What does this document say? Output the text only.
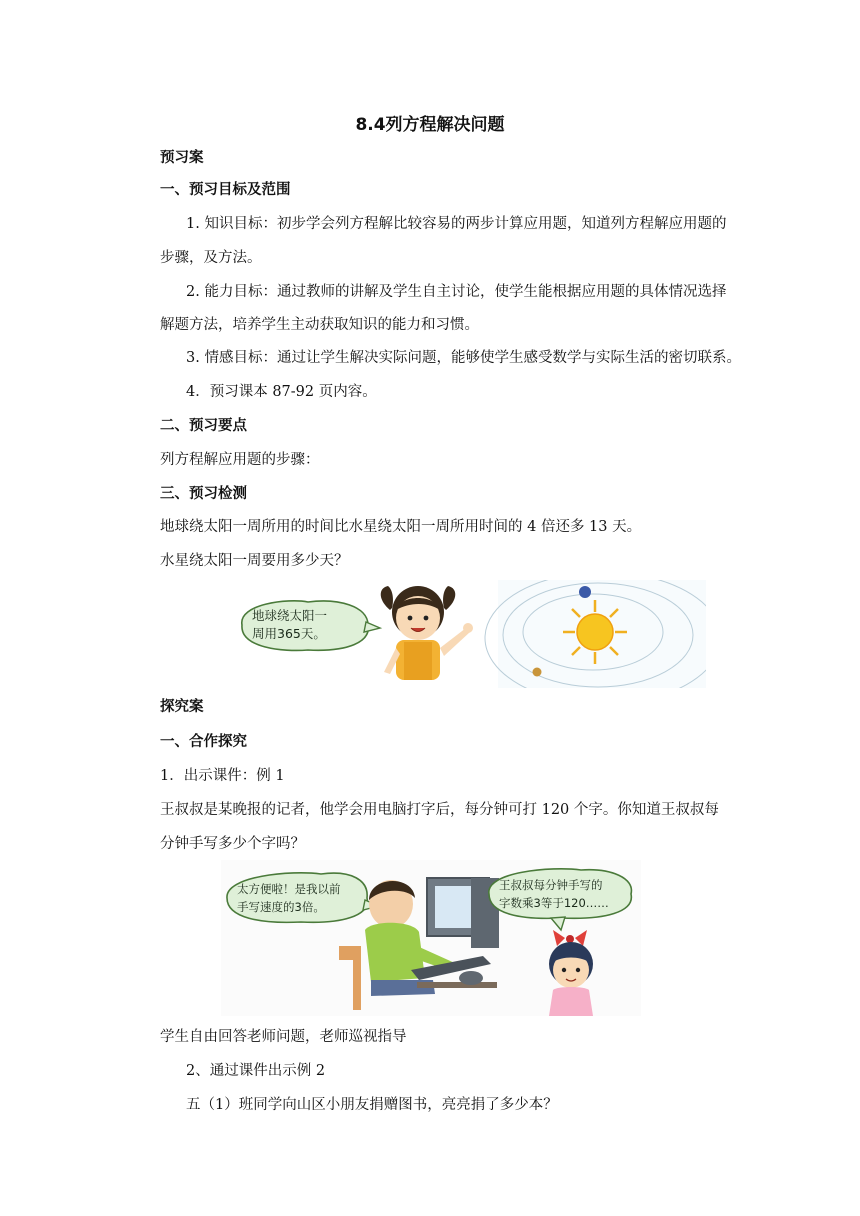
8.4列方程解决问题
预习案
一、预习目标及范围
1. 知识目标：初步学会列方程解比较容易的两步计算应用题，知道列方程解应用题的
步骤，及方法。
2. 能力目标：通过教师的讲解及学生自主讨论，使学生能根据应用题的具体情况选择
解题方法，培养学生主动获取知识的能力和习惯。
3. 情感目标：通过让学生解决实际问题，能够使学生感受数学与实际生活的密切联系。
4．预习课本 87-92 页内容。
二、预习要点
列方程解应用题的步骤：
三、预习检测
地球绕太阳一周所用的时间比水星绕太阳一周所用时间的 4 倍还多 13 天。
水星绕太阳一周要用多少天？
地球绕太阳一
周用365天。
探究案
一、合作探究
1．出示课件：例 1
王叔叔是某晚报的记者，他学会用电脑打字后，每分钟可打 120 个字。你知道王叔叔每
分钟手写多少个字吗？
太方便啦！是我以前
手写速度的3倍。
王叔叔每分钟手写的
字数乘3等于120……
学生自由回答老师问题，老师巡视指导
2、通过课件出示例 2
五（1）班同学向山区小朋友捐赠图书，亮亮捐了多少本？
